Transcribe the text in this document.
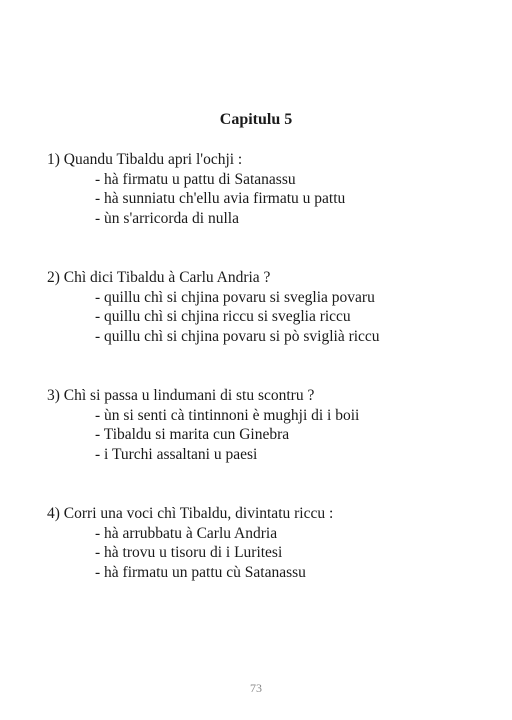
Capitulu 5
1) Quandu Tibaldu apri l'ochji :
- hà firmatu u pattu di Satanassu
- hà sunniatu ch'ellu avia firmatu u pattu
- ùn s'arricorda di nulla
2) Chì dici Tibaldu à Carlu Andria ?
- quillu chì si chjina povaru si sveglia povaru
- quillu chì si chjina riccu si sveglia riccu
- quillu chì si chjina povaru si pò sviglià riccu
3) Chì si passa u lindumani di stu scontru ?
- ùn si senti cà tintinnoni è mughji di i boii
- Tibaldu si marita cun Ginebra
- i Turchi assaltani u paesi
4) Corri una voci chì Tibaldu, divintatu riccu :
- hà arrubbatu à Carlu Andria
- hà trovu u tisoru di i Luritesi
- hà firmatu un pattu cù Satanassu
73
